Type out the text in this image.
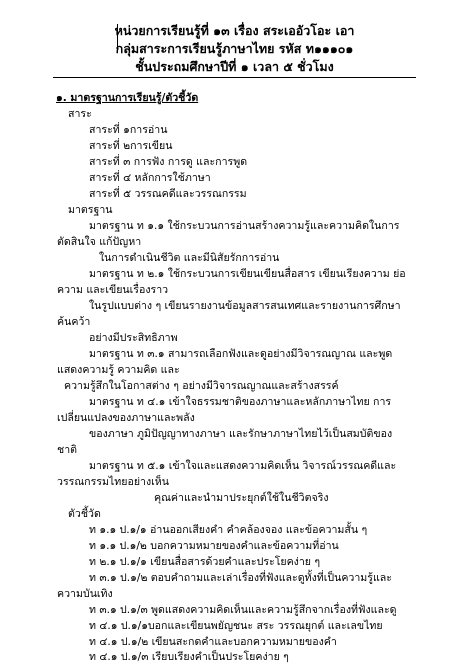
หน่วยการเรียนรู้ที่ ๑๓ เรื่อง สระเออัวโอะ เอา
กลุ่มสาระการเรียนรู้ภาษาไทย รหัส ท๑๑๑๐๑
ชั้นประถมศึกษาปีที่ ๑ เวลา ๕ ชั่วโมง
๑. มาตรฐานการเรียนรู้/ตัวชี้วัด
สาระ
สาระที่ ๑การอ่าน
สาระที่ ๒การเขียน
สาระที่ ๓ การฟัง การดู และการพูด
สาระที่ ๔ หลักการใช้ภาษา
สาระที่ ๕ วรรณคดีและวรรณกรรม
มาตรฐาน
มาตรฐาน ท ๑.๑ ใช้กระบวนการอ่านสร้างความรู้และความคิดในการ
ตัดสินใจ แก้ปัญหา
ในการดำเนินชีวิต และมีนิสัยรักการอ่าน
มาตรฐาน ท ๒.๑ ใช้กระบวนการเขียนเขียนสื่อสาร เขียนเรียงความ ย่อ
ความ และเขียนเรื่องราว
ในรูปแบบต่าง ๆ เขียนรายงานข้อมูลสารสนเทศและรายงานการศึกษา
ค้นคว้า
อย่างมีประสิทธิภาพ
มาตรฐาน ท ๓.๑ สามารถเลือกฟังและดูอย่างมีวิจารณญาณ และพูด
แสดงความรู้ ความคิด และ
ความรู้สึกในโอกาสต่าง ๆ อย่างมีวิจารณญาณและสร้างสรรค์
มาตรฐาน ท ๔.๑ เข้าใจธรรมชาติของภาษาและหลักภาษาไทย การ
เปลี่ยนแปลงของภาษาและพลัง
ของภาษา ภูมิปัญญาทางภาษา และรักษาภาษาไทยไว้เป็นสมบัติของ
ชาติ
มาตรฐาน ท ๕.๑ เข้าใจและแสดงความคิดเห็น วิจารณ์วรรณคดีและ
วรรณกรรมไทยอย่างเห็น
คุณค่าและนำมาประยุกต์ใช้ในชีวิตจริง
ตัวชี้วัด
ท ๑.๑ ป.๑/๑ อ่านออกเสียงคำ คำคล้องจอง และข้อความสั้น ๆ
ท ๑.๑ ป.๑/๒ บอกความหมายของคำและข้อความที่อ่าน
ท ๒.๑ ป.๑/๑ เขียนสื่อสารด้วยคำและประโยคง่าย ๆ
ท ๓.๑ ป.๑/๒ ตอบคำถามและเล่าเรื่องที่ฟังและดูทั้งที่เป็นความรู้และ
ความบันเทิง
ท ๓.๑ ป.๑/๓ พูดแสดงความคิดเห็นและความรู้สึกจากเรื่องที่ฟังและดู
ท ๔.๑ ป.๑/๑บอกและเขียนพยัญชนะ สระ วรรณยุกต์ และเลขไทย
ท ๔.๑ ป.๑/๒ เขียนสะกดคำและบอกความหมายของคำ
ท ๔.๑ ป.๑/๓ เรียบเรียงคำเป็นประโยคง่าย ๆ
